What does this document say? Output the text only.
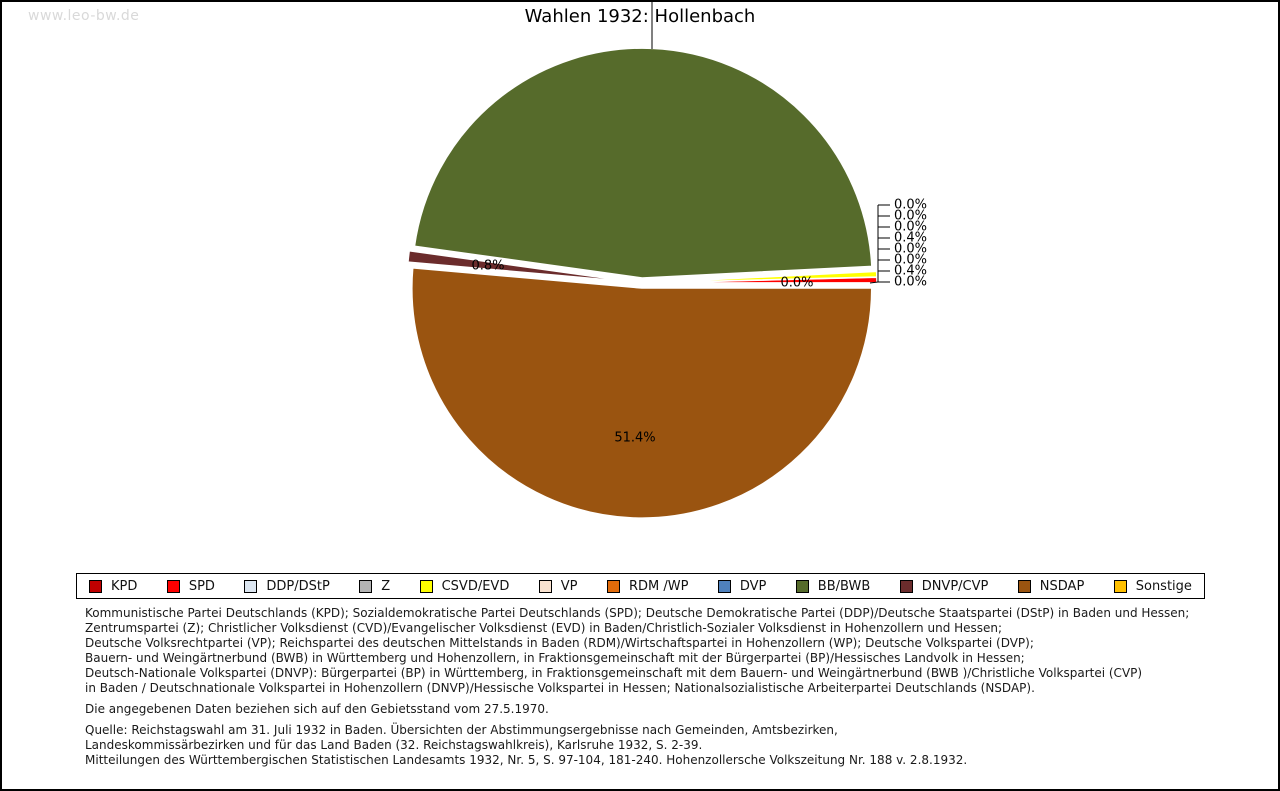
www.leo-bw.de	Wahlen 1932: Hollenbach
0.0%
0.0%
0.0%
0.4%
0.0%
0.0%
0.4%
0.0%
0.8%
51.4%
0.0%
KPD	SPD	DDP/DStP	Z	CSVD/EVD	VP	RDM /WP	DVP	BB/BWB	DNVP/CVP	NSDAP	Sonstige
Kommunistische Partei Deutschlands (KPD); Sozialdemokratische Partei Deutschlands (SPD); Deutsche Demokratische Partei (DDP)/Deutsche Staatspartei (DStP) in Baden und Hessen;
Zentrumspartei (Z); Christlicher Volksdienst (CVD)/Evangelischer Volksdienst (EVD) in Baden/Christlich-Sozialer Volksdienst in Hohenzollern und Hessen;
Deutsche Volksrechtpartei (VP); Reichspartei des deutschen Mittelstands in Baden (RDM)/Wirtschaftspartei in Hohenzollern (WP); Deutsche Volkspartei (DVP);
Bauern- und Weingärtnerbund (BWB) in Württemberg und Hohenzollern, in Fraktionsgemeinschaft mit der Bürgerpartei (BP)/Hessisches Landvolk in Hessen;
Deutsch-Nationale Volkspartei (DNVP): Bürgerpartei (BP) in Württemberg, in Fraktionsgemeinschaft mit dem Bauern- und Weingärtnerbund (BWB )/Christliche Volkspartei (CVP)
in Baden / Deutschnationale Volkspartei in Hohenzollern (DNVP)/Hessische Volkspartei in Hessen; Nationalsozialistische Arbeiterpartei Deutschlands (NSDAP).
Die angegebenen Daten beziehen sich auf den Gebietsstand vom 27.5.1970.
Quelle: Reichstagswahl am 31. Juli 1932 in Baden. Übersichten der Abstimmungsergebnisse nach Gemeinden, Amtsbezirken,
Landeskommissärbezirken und für das Land Baden (32. Reichstagswahlkreis), Karlsruhe 1932, S. 2-39.
Mitteilungen des Württembergischen Statistischen Landesamts 1932, Nr. 5, S. 97-104, 181-240. Hohenzollersche Volkszeitung Nr. 188 v. 2.8.1932.
